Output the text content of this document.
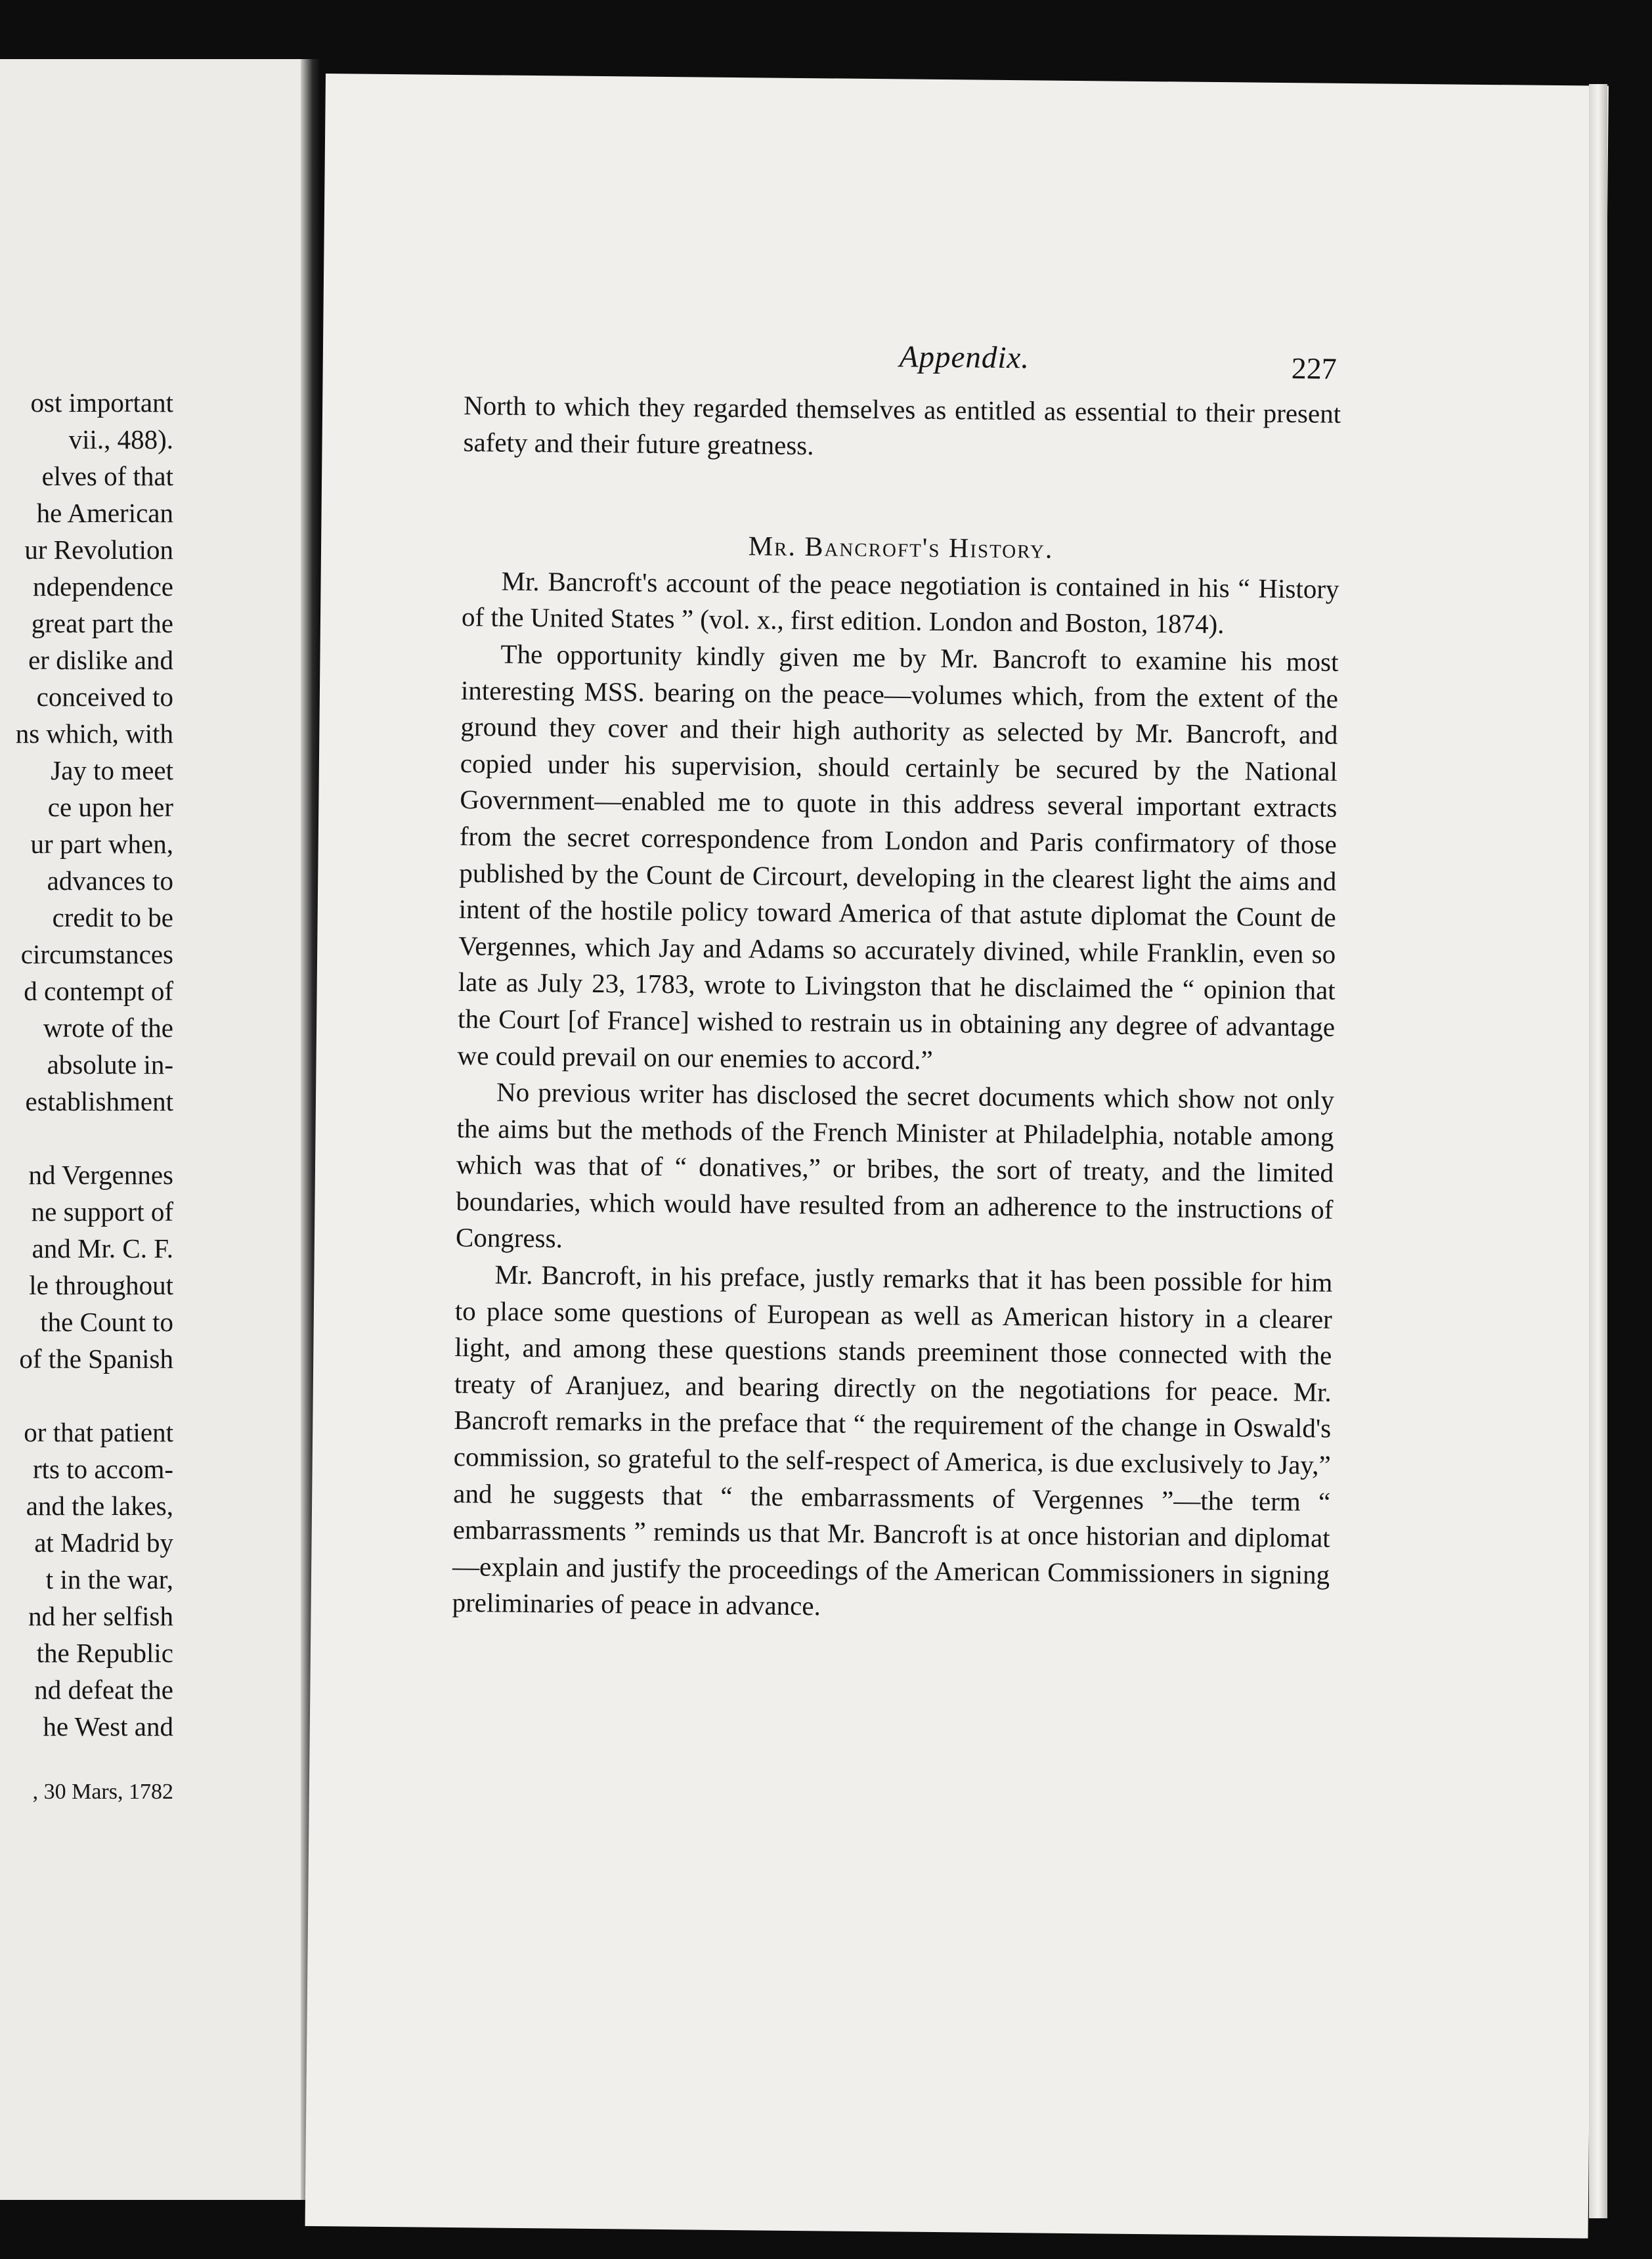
ost important
vii., 488).
elves of that
he American
ur Revolution
ndependence
great part the
er dislike and
conceived to
ns which, with
Jay to meet
ce upon her
ur part when,
advances to
credit to be
circumstances
d contempt of
wrote of the
absolute in-
establishment
nd Vergennes
ne support of
and Mr. C. F.
le throughout
the Count to
of the Spanish
or that patient
rts to accom-
and the lakes,
at Madrid by
t in the war,
nd her selfish
the Republic
nd defeat the
he West and
, 30 Mars, 1782
Appendix.	227

North to which they regarded themselves as entitled as essential to their present safety and their future greatness.

Mr. Bancroft's History.

Mr. Bancroft's account of the peace negotiation is contained in his “ History of the United States ” (vol. x., first edition. London and Boston, 1874).

The opportunity kindly given me by Mr. Bancroft to examine his most interesting MSS. bearing on the peace—volumes which, from the extent of the ground they cover and their high authority as selected by Mr. Bancroft, and copied under his supervision, should certainly be secured by the National Government—enabled me to quote in this address several important extracts from the secret correspondence from London and Paris confirmatory of those published by the Count de Circourt, developing in the clearest light the aims and intent of the hostile policy toward America of that astute diplomat the Count de Vergennes, which Jay and Adams so accurately divined, while Franklin, even so late as July 23, 1783, wrote to Livingston that he disclaimed the “ opinion that the Court [of France] wished to restrain us in obtaining any degree of advantage we could prevail on our enemies to accord.”

No previous writer has disclosed the secret documents which show not only the aims but the methods of the French Minister at Philadelphia, notable among which was that of “ donatives,” or bribes, the sort of treaty, and the limited boundaries, which would have resulted from an adherence to the instructions of Congress.

Mr. Bancroft, in his preface, justly remarks that it has been possible for him to place some questions of European as well as American history in a clearer light, and among these questions stands preeminent those connected with the treaty of Aranjuez, and bearing directly on the negotiations for peace. Mr. Bancroft remarks in the preface that “ the requirement of the change in Oswald's commission, so grateful to the self-respect of America, is due exclusively to Jay,” and he suggests that “ the embarrassments of Vergennes ”—the term “ embarrassments ” reminds us that Mr. Bancroft is at once historian and diplomat—explain and justify the proceedings of the American Commissioners in signing preliminaries of peace in advance.
